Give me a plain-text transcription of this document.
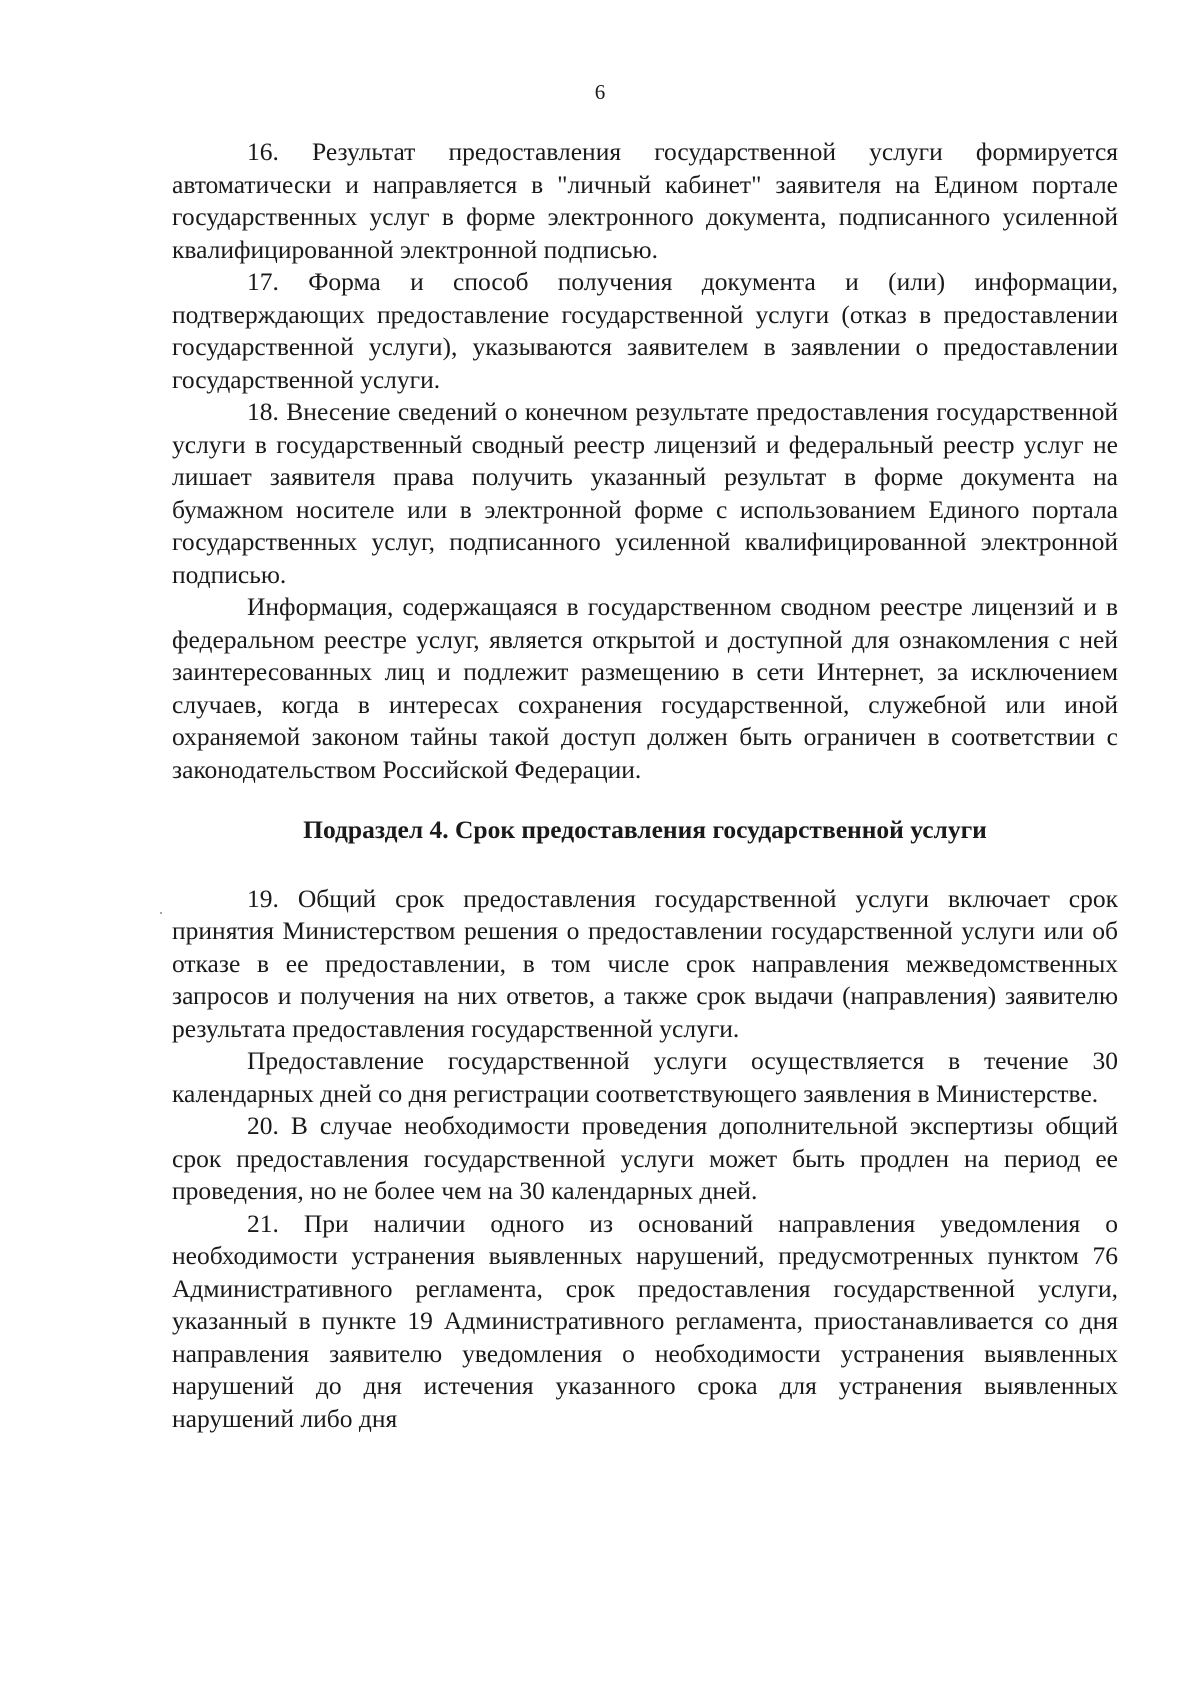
6

16. Результат предоставления государственной услуги формируется автоматически и направляется в "личный кабинет" заявителя на Едином портале государственных услуг в форме электронного документа, подписанного усиленной квалифицированной электронной подписью.

17. Форма и способ получения документа и (или) информации, подтверждающих предоставление государственной услуги (отказ в предоставлении государственной услуги), указываются заявителем в заявлении о предоставлении государственной услуги.

18. Внесение сведений о конечном результате предоставления государственной услуги в государственный сводный реестр лицензий и федеральный реестр услуг не лишает заявителя права получить указанный результат в форме документа на бумажном носителе или в электронной форме с использованием Единого портала государственных услуг, подписанного усиленной квалифицированной электронной подписью.

Информация, содержащаяся в государственном сводном реестре лицензий и в федеральном реестре услуг, является открытой и доступной для ознакомления с ней заинтересованных лиц и подлежит размещению в сети Интернет, за исключением случаев, когда в интересах сохранения государственной, служебной или иной охраняемой законом тайны такой доступ должен быть ограничен в соответствии с законодательством Российской Федерации.

Подраздел 4. Срок предоставления государственной услуги

19. Общий срок предоставления государственной услуги включает срок принятия Министерством решения о предоставлении государственной услуги или об отказе в ее предоставлении, в том числе срок направления межведомственных запросов и получения на них ответов, а также срок выдачи (направления) заявителю результата предоставления государственной услуги.

Предоставление государственной услуги осуществляется в течение 30 календарных дней со дня регистрации соответствующего заявления в Министерстве.

20. В случае необходимости проведения дополнительной экспертизы общий срок предоставления государственной услуги может быть продлен на период ее проведения, но не более чем на 30 календарных дней.

21. При наличии одного из оснований направления уведомления о необходимости устранения выявленных нарушений, предусмотренных пунктом 76 Административного регламента, срок предоставления государственной услуги, указанный в пункте 19 Административного регламента, приостанавливается со дня направления заявителю уведомления о необходимости устранения выявленных нарушений до дня истечения указанного срока для устранения выявленных нарушений либо дня
